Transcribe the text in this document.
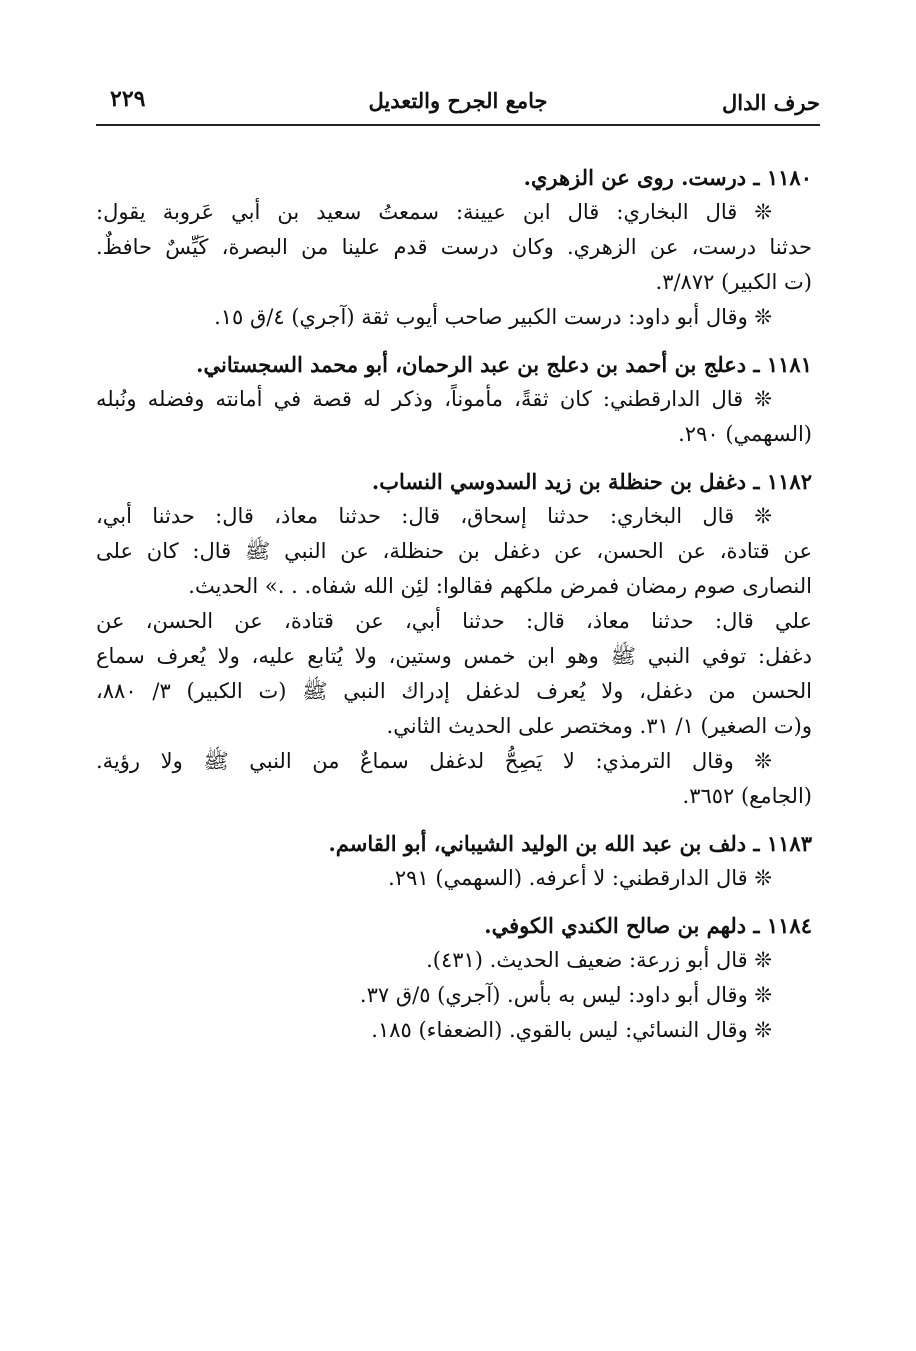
حرف الدال
جامع الجرح والتعديل
٢٢٩
١١٨٠ ـ درست. روى عن الزهري.
❊ قال البخاري: قال ابن عيينة: سمعتُ سعيد بن أبي عَروبة يقول:
حدثنا درست، عن الزهري. وكان درست قدم علينا من البصرة، كَيِّسٌ حافظٌ.
(ت الكبير) ٣/٨٧٢.
❊ وقال أبو داود: درست الكبير صاحب أيوب ثقة (آجري) ٤/ق ١٥.
١١٨١ ـ دعلج بن أحمد بن دعلج بن عبد الرحمان، أبو محمد السجستاني.
❊ قال الدارقطني: كان ثقةً، مأموناً، وذكر له قصة في أمانته وفضله ونُبله
(السهمي) ٢٩٠.
١١٨٢ ـ دغفل بن حنظلة بن زيد السدوسي النساب.
❊ قال البخاري: حدثنا إسحاق، قال: حدثنا معاذ، قال: حدثنا أبي،
عن قتادة، عن الحسن، عن دغفل بن حنظلة، عن النبي ﷺ قال: كان على
النصارى صوم رمضان فمرض ملكهم فقالوا: لئِن الله شفاه. . .» الحديث.
علي قال: حدثنا معاذ، قال: حدثنا أبي، عن قتادة، عن الحسن، عن
دغفل: توفي النبي ﷺ وهو ابن خمس وستين، ولا يُتابع عليه، ولا يُعرف سماع
الحسن من دغفل، ولا يُعرف لدغفل إدراك النبي ﷺ (ت الكبير) ٣/ ٨٨٠،
و(ت الصغير) ١/ ٣١. ومختصر على الحديث الثاني.
❊ وقال الترمذي: لا يَصِحُّ لدغفل سماعٌ من النبي ﷺ ولا رؤية.
(الجامع) ٣٦٥٢.
١١٨٣ ـ دلف بن عبد الله بن الوليد الشيباني، أبو القاسم.
❊ قال الدارقطني: لا أعرفه. (السهمي) ٢٩١.
١١٨٤ ـ دلهم بن صالح الكندي الكوفي.
❊ قال أبو زرعة: ضعيف الحديث. (٤٣١).
❊ وقال أبو داود: ليس به بأس. (آجري) ٥/ق ٣٧.
❊ وقال النسائي: ليس بالقوي. (الضعفاء) ١٨٥.
